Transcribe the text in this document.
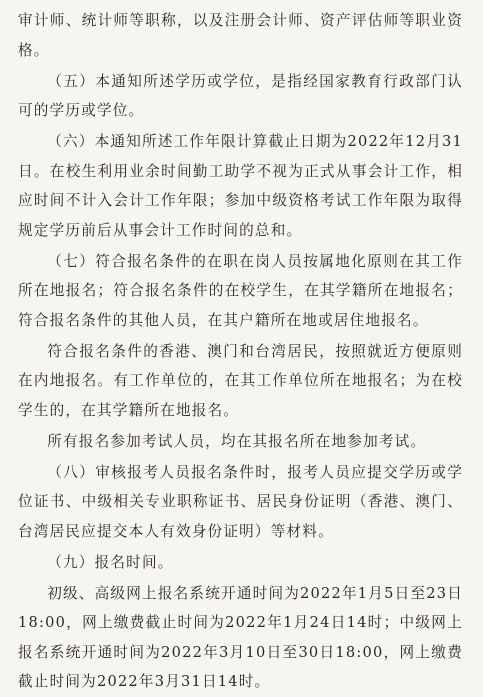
审计师、统计师等职称，以及注册会计师、资产评估师等职业资格。

（五）本通知所述学历或学位，是指经国家教育行政部门认可的学历或学位。

（六）本通知所述工作年限计算截止日期为2022年12月31日。在校生利用业余时间勤工助学不视为正式从事会计工作，相应时间不计入会计工作年限；参加中级资格考试工作年限为取得规定学历前后从事会计工作时间的总和。

（七）符合报名条件的在职在岗人员按属地化原则在其工作所在地报名；符合报名条件的在校学生，在其学籍所在地报名；符合报名条件的其他人员，在其户籍所在地或居住地报名。

符合报名条件的香港、澳门和台湾居民，按照就近方便原则在内地报名。有工作单位的，在其工作单位所在地报名；为在校学生的，在其学籍所在地报名。

所有报名参加考试人员，均在其报名所在地参加考试。

（八）审核报考人员报名条件时，报考人员应提交学历或学位证书、中级相关专业职称证书、居民身份证明（香港、澳门、台湾居民应提交本人有效身份证明）等材料。

（九）报名时间。

初级、高级网上报名系统开通时间为2022年1月5日至23日18:00，网上缴费截止时间为2022年1月24日14时；中级网上报名系统开通时间为2022年3月10日至30日18:00，网上缴费截止时间为2022年3月31日14时。
